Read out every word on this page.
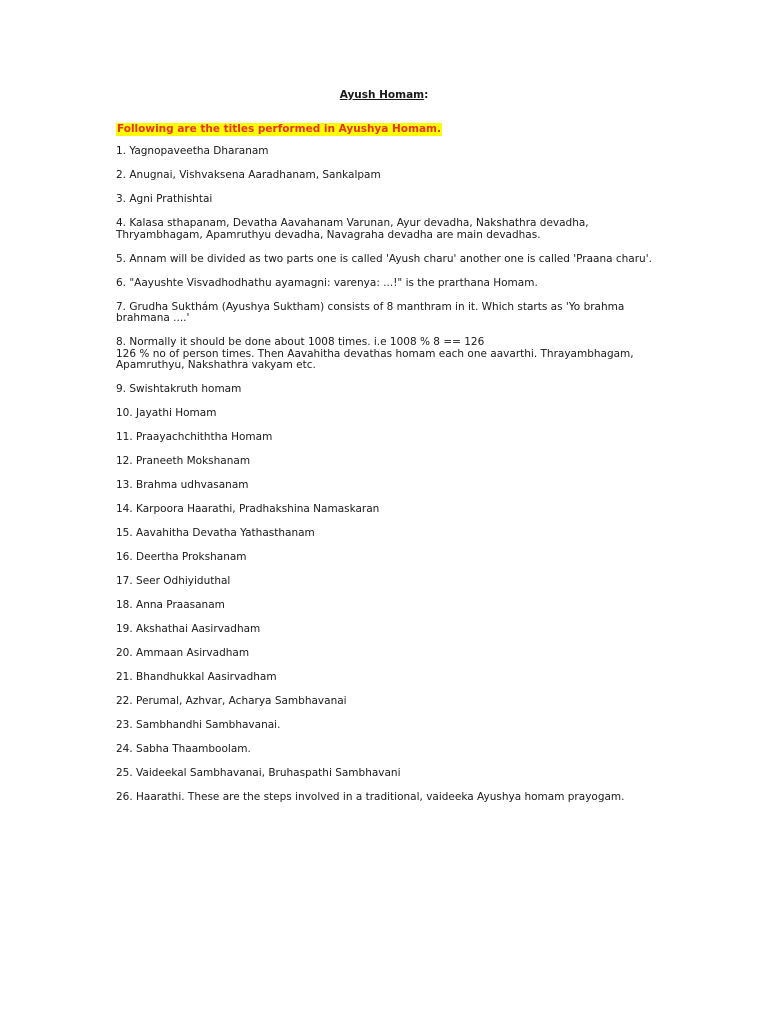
Ayush Homam:
Following are the titles performed in Ayushya Homam.
1. Yagnopaveetha Dharanam
2. Anugnai, Vishvaksena Aaradhanam, Sankalpam
3. Agni Prathishtai
4. Kalasa sthapanam, Devatha Aavahanam Varunan, Ayur devadha, Nakshathra devadha,
Thryambhagam, Apamruthyu devadha, Navagraha devadha are main devadhas.
5. Annam will be divided as two parts one is called 'Ayush charu' another one is called 'Praana charu'.
6. "Aayushte Visvadhodhathu ayamagni: varenya: ...!" is the prarthana Homam.
7. Grudha Sukthám (Ayushya Suktham) consists of 8 manthram in it. Which starts as 'Yo brahma
brahmana ....'
8. Normally it should be done about 1008 times. i.e 1008 % 8 == 126
126 % no of person times. Then Aavahitha devathas homam each one aavarthi. Thrayambhagam,
Apamruthyu, Nakshathra vakyam etc.
9. Swishtakruth homam
10. Jayathi Homam
11. Praayachchiththa Homam
12. Praneeth Mokshanam
13. Brahma udhvasanam
14. Karpoora Haarathi, Pradhakshina Namaskaran
15. Aavahitha Devatha Yathasthanam
16. Deertha Prokshanam
17. Seer Odhiyiduthal
18. Anna Praasanam
19. Akshathai Aasirvadham
20. Ammaan Asirvadham
21. Bhandhukkal Aasirvadham
22. Perumal, Azhvar, Acharya Sambhavanai
23. Sambhandhi Sambhavanai.
24. Sabha Thaamboolam.
25. Vaideekal Sambhavanai, Bruhaspathi Sambhavani
26. Haarathi. These are the steps involved in a traditional, vaideeka Ayushya homam prayogam.
